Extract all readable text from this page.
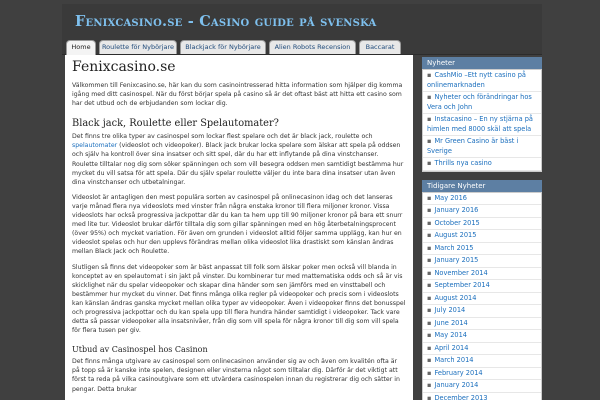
Fenixcasino.se - Casino guide på svenska
Home	Roulette för Nybörjare	Blackjack för Nybörjare	Alien Robots Recension	Baccarat
Fenixcasino.se

Välkommen till Fenixcasino.se, här kan du som casinointresserad hitta information som hjälper dig komma igång med ditt casinospel. När du först börjar spela på casino så är det oftast bäst att hitta ett casino som har det utbud och de erbjudanden som lockar dig.

Black jack, Roulette eller Spelautomater?

Det finns tre olika typer av casinospel som lockar flest spelare och det är black jack, roulette och spelautomater (videoslot och videopoker). Black jack brukar locka spelare som älskar att spela på oddsen och själv ha kontroll över sina insatser och sitt spel, där du har ett inflytande på dina vinstchanser. Roulette tilltalar nog dig som söker spänningen och som vill besegra oddsen men samtidigt bestämma hur mycket du vill satsa för att spela. Där du själv spelar roulette väljer du inte bara dina insatser utan även dina vinstchanser och utbetalningar.

Videoslot är antagligen den mest populära sorten av casinospel på onlinecasinon idag och det lanseras varje månad flera nya videoslots med vinster från några enstaka kronor till flera miljoner kronor. Vissa videoslots har också progressiva jackpottar där du kan ta hem upp till 90 miljoner kronor på bara ett snurr med lite tur. Videoslot brukar därför tilltala dig som gillar spänningen med en hög återbetalningsprocent (över 95%) och mycket variation. För även om grunden i videoslot alltid följer samma upplägg, kan hur en videoslot spelas och hur den upplevs förändras mellan olika videoslot lika drastiskt som känslan ändras mellan Black Jack och Roulette.

Slutligen så finns det videopoker som är bäst anpassat till folk som älskar poker men också vill blanda in konceptet av en spelautomat i sin jakt på vinster. Du kombinerar tur med mattematiska odds och så är vis skicklighet när du spelar videopoker och skapar dina händer som sen jämförs med en vinsttabell och bestämmer hur mycket du vinner. Det finns många olika regler på videopoker och precis som i videoslots kan känslan ändras ganska mycket mellan olika typer av videopoker. Även i videopoker finns det bonusspel och progressiva jackpottar och du kan spela upp till flera hundra händer samtidigt i videopoker. Tack vare detta så passar videopoker alla insatsnivåer, från dig som vill spela för några kronor till dig som vill spela för flera tusen per giv.

Utbud av Casinospel hos Casinon

Det finns många utgivare av casinospel som onlinecasinon använder sig av och även om kvalitén ofta är på topp så är kanske inte spelen, designen eller vinsterna något som tilltalar dig. Därför är det viktigt att först ta reda på vilka casinoutgivare som ett utvärdera casinospelen innan du registrerar dig och sätter in pengar. Detta brukar

Nyheter
▪ CashMio –Ett nytt casino på onlinemarknaden
▪ Nyheter och förändringar hos Vera och John
▪ Instacasino – En ny stjärna på himlen med 8000 skäl att spela
▪ Mr Green Casino är bäst i Sverige
▪ Thrills nya casino
Tidigare Nyheter
▪ May 2016
▪ January 2016
▪ October 2015
▪ August 2015
▪ March 2015
▪ January 2015
▪ November 2014
▪ September 2014
▪ August 2014
▪ July 2014
▪ June 2014
▪ May 2014
▪ April 2014
▪ March 2014
▪ February 2014
▪ January 2014
▪ December 2013
